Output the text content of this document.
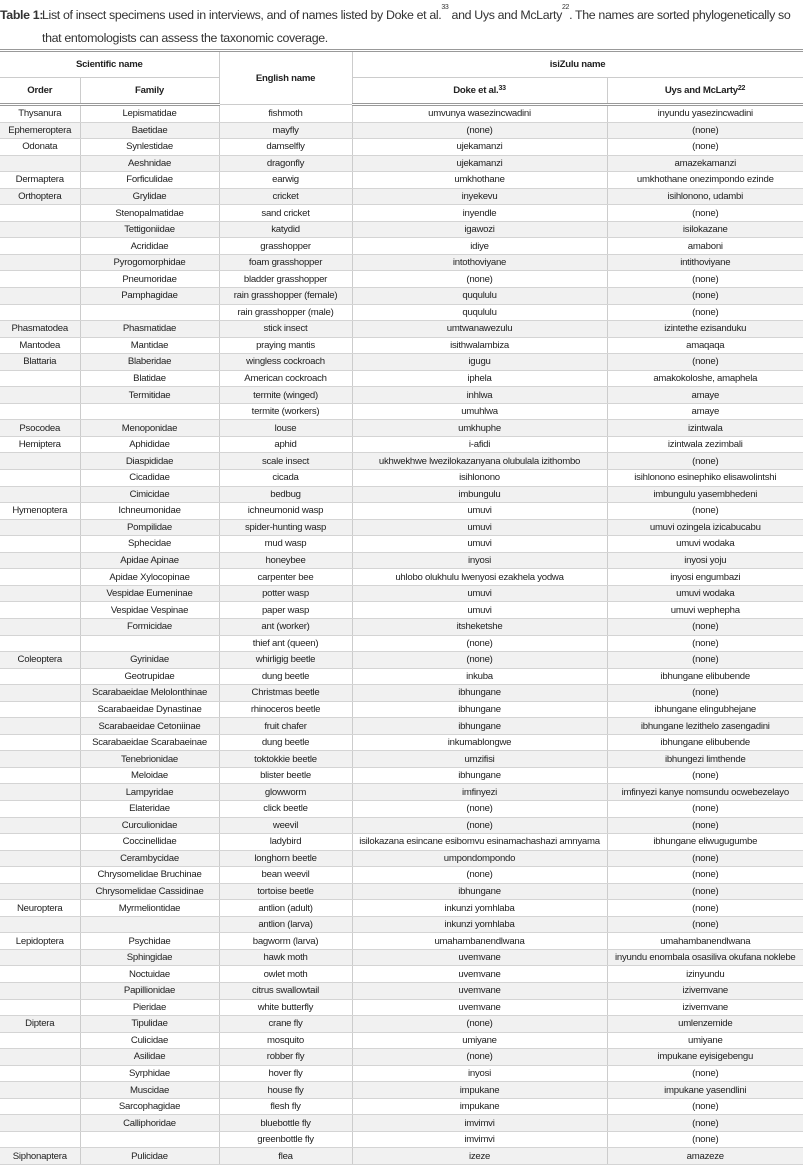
Table 1:
List of insect specimens used in interviews, and of names listed by Doke et al.$^{33}$ and Uys and McLarty$^{22}$. The names are sorted phylogenetically so
that entomologists can assess the taxonomic coverage.
Scientific name		English name	isiZulu name	
Order	Family		Doke et al.$^{33}$	Uys and McLarty$^{22}$
Thysanura	Lepismatidae	fishmoth	umvunya wasezincwadini	inyundu yasezincwadini
Ephemeroptera	Baetidae	mayfly	(none)	(none)
Odonata	Synlestidae	damselfly	ujekamanzi	(none)
	Aeshnidae	dragonfly	ujekamanzi	amazekamanzi
Dermaptera	Forficulidae	earwig	umkhothane	umkhothane onezimpondo ezinde
Orthoptera	Grylidae	cricket	inyekevu	isihlonono, udambi
	Stenopalmatidae	sand cricket	inyendle	(none)
	Tettigoniidae	katydid	igawozi	isilokazane
	Acrididae	grasshopper	idiye	amaboni
	Pyrogomorphidae	foam grasshopper	intothoviyane	intithoviyane
	Pneumoridae	bladder grasshopper	(none)	(none)
	Pamphagidae	rain grasshopper (female)	quqululu	(none)
		rain grasshopper (male)	quqululu	(none)
Phasmatodea	Phasmatidae	stick insect	umtwanawezulu	izintethe ezisanduku
Mantodea	Mantidae	praying mantis	isithwalambiza	amaqaqa
Blattaria	Blaberidae	wingless cockroach	igugu	(none)
	Blatidae	American cockroach	iphela	amakokoloshe, amaphela
	Termitidae	termite (winged)	inhlwa	amaye
		termite (workers)	umuhlwa	amaye
Psocodea	Menoponidae	louse	umkhuphe	izintwala
Hemiptera	Aphididae	aphid	i-afidi	izintwala zezimbali
	Diaspididae	scale insect	ukhwekhwe lwezilokazanyana olubulala izithombo	(none)
	Cicadidae	cicada	isihlonono	isihlonono esinephiko elisawolintshi
	Cimicidae	bedbug	imbungulu	imbungulu yasembhedeni
Hymenoptera	Ichneumonidae	ichneumonid wasp	umuvi	(none)
	Pompilidae	spider-hunting wasp	umuvi	umuvi ozingela izicabucabu
	Sphecidae	mud wasp	umuvi	umuvi wodaka
	Apidae Apinae	honeybee	inyosi	inyosi yoju
	Apidae Xylocopinae	carpenter bee	uhlobo olukhulu lwenyosi ezakhela yodwa	inyosi engumbazi
	Vespidae Eumeninae	potter wasp	umuvi	umuvi wodaka
	Vespidae Vespinae	paper wasp	umuvi	umuvi wephepha
	Formicidae	ant (worker)	itsheketshe	(none)
		thief ant (queen)	(none)	(none)
Coleoptera	Gyrinidae	whirligig beetle	(none)	(none)
	Geotrupidae	dung beetle	inkuba	ibhungane elibubende
	Scarabaeidae Melolonthinae	Christmas beetle	ibhungane	(none)
	Scarabaeidae Dynastinae	rhinoceros beetle	ibhungane	ibhungane elingubhejane
	Scarabaeidae Cetoniinae	fruit chafer	ibhungane	ibhungane lezithelo zasengadini
	Scarabaeidae Scarabaeinae	dung beetle	inkumablongwe	ibhungane elibubende
	Tenebrionidae	toktokkie beetle	umzifisi	ibhungezi limthende
	Meloidae	blister beetle	ibhungane	(none)
	Lampyridae	glowworm	imfinyezi	imfinyezi kanye nomsundu ocwebezelayo
	Elateridae	click beetle	(none)	(none)
	Curculionidae	weevil	(none)	(none)
	Coccinellidae	ladybird	isilokazana esincane esibomvu esinamachashazi amnyama	ibhungane eliwugugumbe
	Cerambycidae	longhorn beetle	umpondompondo	(none)
	Chrysomelidae Bruchinae	bean weevil	(none)	(none)
	Chrysomelidae Cassidinae	tortoise beetle	ibhungane	(none)
Neuroptera	Myrmeliontidae	antlion (adult)	inkunzi yomhlaba	(none)
		antlion (larva)	inkunzi yomhlaba	(none)
Lepidoptera	Psychidae	bagworm (larva)	umahambanendlwana	umahambanendlwana
	Sphingidae	hawk moth	uvemvane	inyundu enombala osasiliva okufana noklebe
	Noctuidae	owlet moth	uvemvane	izinyundu
	Papillionidae	citrus swallowtail	uvemvane	izivemvane
	Pieridae	white butterfly	uvemvane	izivemvane
Diptera	Tipulidae	crane fly	(none)	umlenzemide
	Culicidae	mosquito	umiyane	umiyane
	Asilidae	robber fly	(none)	impukane eyisigebengu
	Syrphidae	hover fly	inyosi	(none)
	Muscidae	house fly	impukane	impukane yasendlini
	Sarcophagidae	flesh fly	impukane	(none)
	Calliphoridae	bluebottle fly	imvimvi	(none)
		greenbottle fly	imvimvi	(none)
Siphonaptera	Pulicidae	flea	izeze	amazeze
